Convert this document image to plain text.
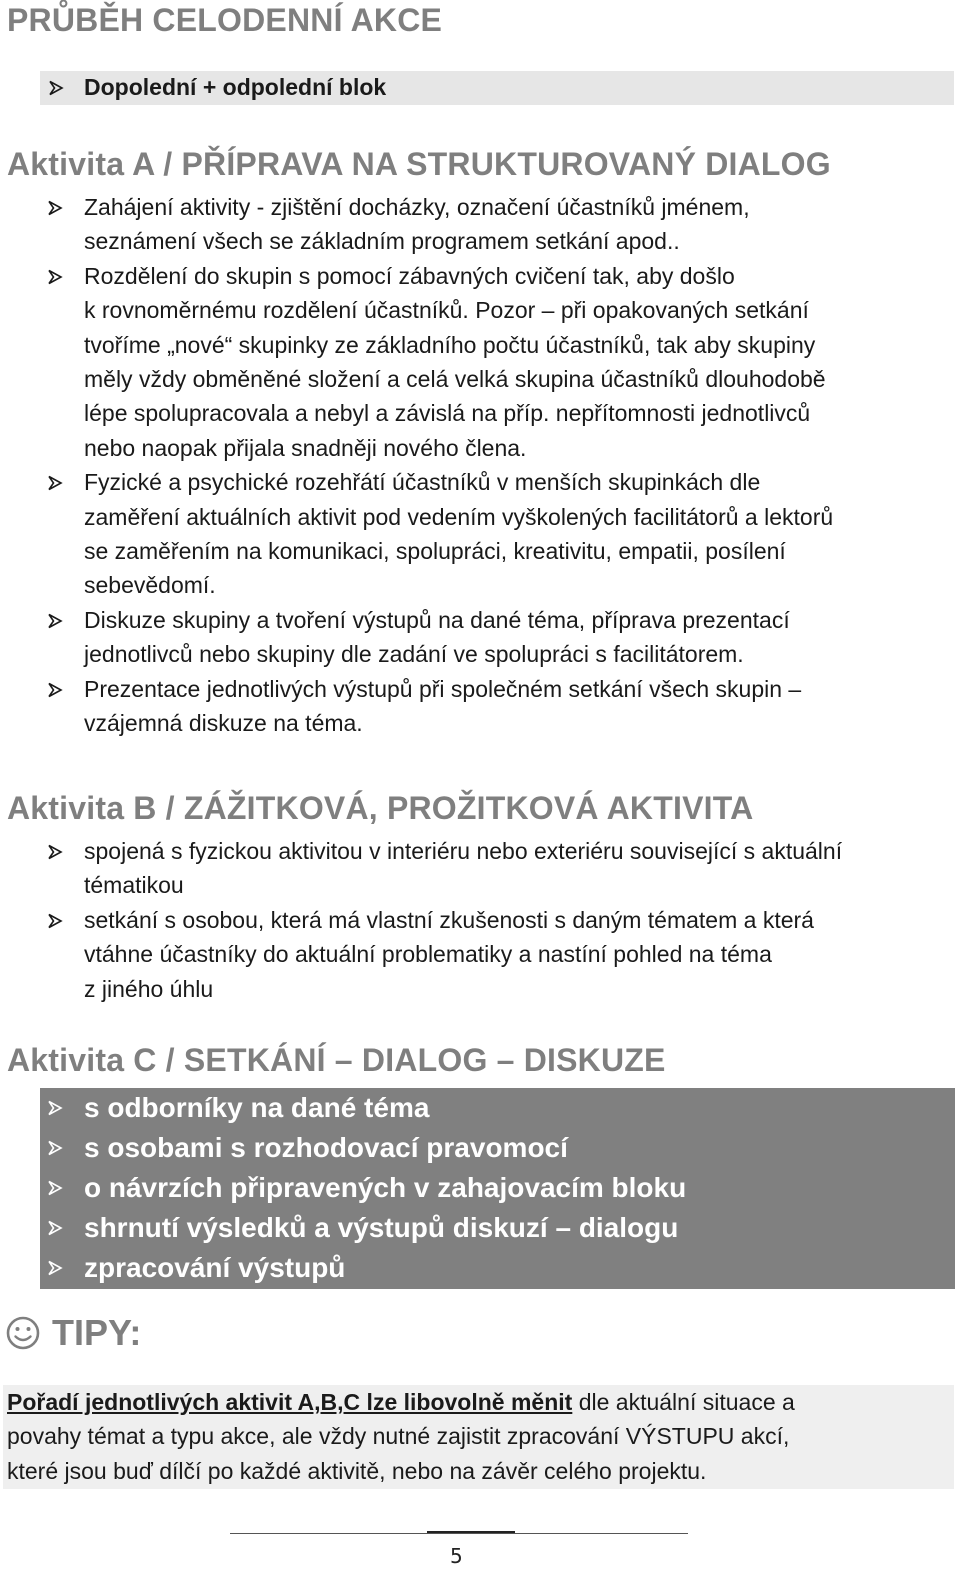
PRŮBĚH CELODENNÍ AKCE
Dopolední + odpolední blok
Aktivita A / PŘÍPRAVA NA STRUKTUROVANÝ DIALOG
Zahájení aktivity - zjištění docházky, označení účastníků jménem,
seznámení všech se základním programem setkání apod..
Rozdělení do skupin s pomocí zábavných cvičení tak, aby došlo
k rovnoměrnému rozdělení účastníků. Pozor – při opakovaných setkání
tvoříme „nové“ skupinky ze základního počtu účastníků, tak aby skupiny
měly vždy obměněné složení a celá velká skupina účastníků dlouhodobě
lépe spolupracovala a nebyl a závislá na příp. nepřítomnosti jednotlivců
nebo naopak přijala snadněji nového člena.
Fyzické a psychické rozehřátí účastníků v menších skupinkách dle
zaměření aktuálních aktivit pod vedením vyškolených facilitátorů a lektorů
se zaměřením na komunikaci, spolupráci, kreativitu, empatii, posílení
sebevědomí.
Diskuze skupiny a tvoření výstupů na dané téma, příprava prezentací
jednotlivců nebo skupiny dle zadání ve spolupráci s facilitátorem.
Prezentace jednotlivých výstupů při společném setkání všech skupin –
vzájemná diskuze na téma.
Aktivita B / ZÁŽITKOVÁ, PROŽITKOVÁ AKTIVITA
spojená s fyzickou aktivitou v interiéru nebo exteriéru související s aktuální
tématikou
setkání s osobou, která má vlastní zkušenosti s daným tématem a která
vtáhne účastníky do aktuální problematiky a nastíní pohled na téma
z jiného úhlu
Aktivita C / SETKÁNÍ – DIALOG – DISKUZE
s odborníky na dané téma
s osobami s rozhodovací pravomocí
o návrzích připravených v zahajovacím bloku
shrnutí výsledků a výstupů diskuzí – dialogu
zpracování výstupů
TIPY:

Pořadí jednotlivých aktivit A,B,C lze libovolně měnit dle aktuální situace a
povahy témat a typu akce, ale vždy nutné zajistit zpracování VÝSTUPU akcí,
které jsou buď dílčí po každé aktivitě, nebo na závěr celého projektu.

5
